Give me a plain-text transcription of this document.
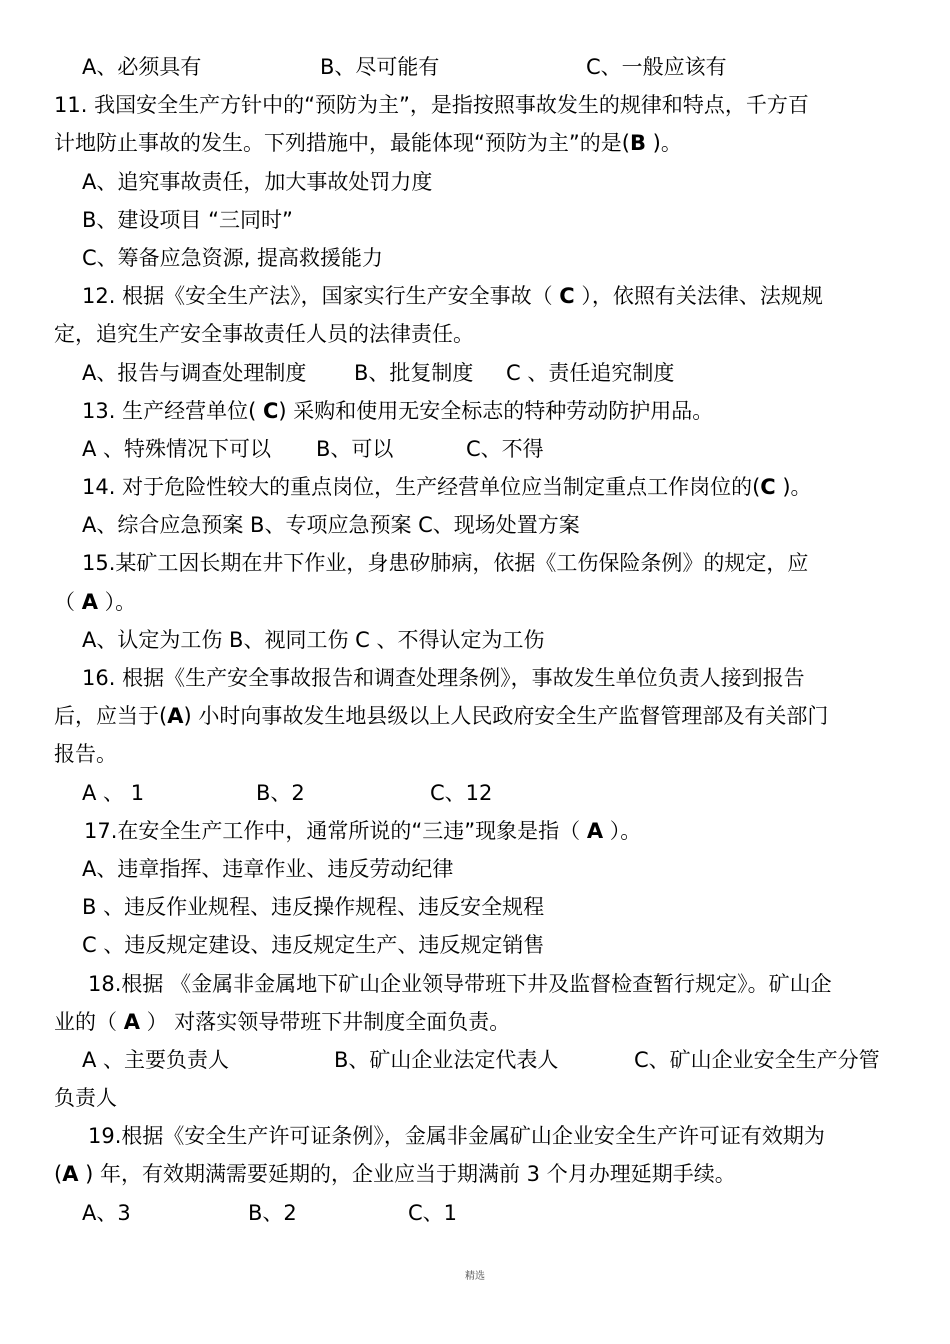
A、必须具有	B、尽可能有	C、一般应该有
11. 我国安全生产方针中的“预防为主”，是指按照事故发生的规律和特点，千方百
计地防止事故的发生。下列措施中，最能体现“预防为主”的是(B )。
A、追究事故责任，加大事故处罚力度
B、建设项目 “三同时”
C、筹备应急资源, 提高救援能力
12. 根据《安全生产法》，国家实行生产安全事故（ C ），依照有关法律、法规规
定，追究生产安全事故责任人员的法律责任。
A、报告与调查处理制度 B、批复制度 C 、责任追究制度
13. 生产经营单位( C) 采购和使用无安全标志的特种劳动防护用品。
A 、特殊情况下可以 B、可以	C、不得
14. 对于危险性较大的重点岗位，生产经营单位应当制定重点工作岗位的(C )。
A、综合应急预案 B、专项应急预案 C、现场处置方案
15.某矿工因长期在井下作业，身患矽肺病，依据《工伤保险条例》的规定，应
（ A ）。
A、认定为工伤 B、视同工伤 C 、不得认定为工伤
16. 根据《生产安全事故报告和调查处理条例》，事故发生单位负责人接到报告
后，应当于(A) 小时向事故发生地县级以上人民政府安全生产监督管理部及有关部门
报告。
A 、 1	B、2	C、12
17.在安全生产工作中，通常所说的“三违”现象是指（ A ）。
A、违章指挥、违章作业、违反劳动纪律
B 、违反作业规程、违反操作规程、违反安全规程
C 、违反规定建设、违反规定生产、违反规定销售
18.根据 《金属非金属地下矿山企业领导带班下井及监督检查暂行规定》。矿山企
业的（ A ） 对落实领导带班下井制度全面负责。
A 、主要负责人	B、矿山企业法定代表人	C、矿山企业安全生产分管
负责人
19.根据《安全生产许可证条例》，金属非金属矿山企业安全生产许可证有效期为
(A ) 年，有效期满需要延期的，企业应当于期满前 3 个月办理延期手续。
A、3	B、2	C、1
精选
